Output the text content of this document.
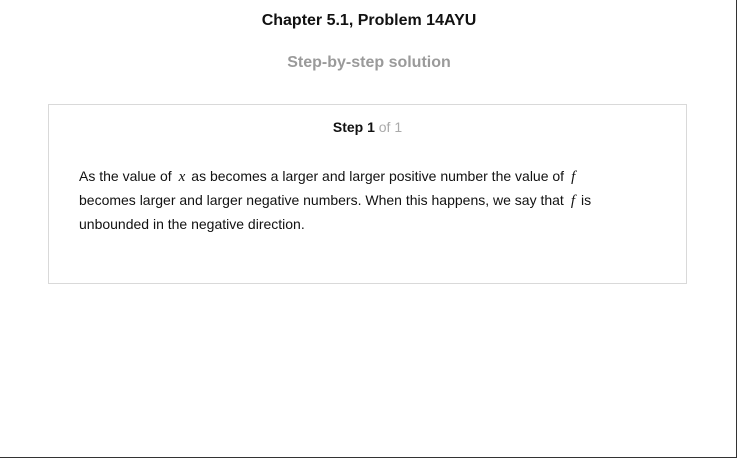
Chapter 5.1, Problem 14AYU
Step-by-step solution
Step 1 of 1
As the value of x as becomes a larger and larger positive number the value of f
becomes larger and larger negative numbers. When this happens, we say that f is unbounded in the negative direction.
